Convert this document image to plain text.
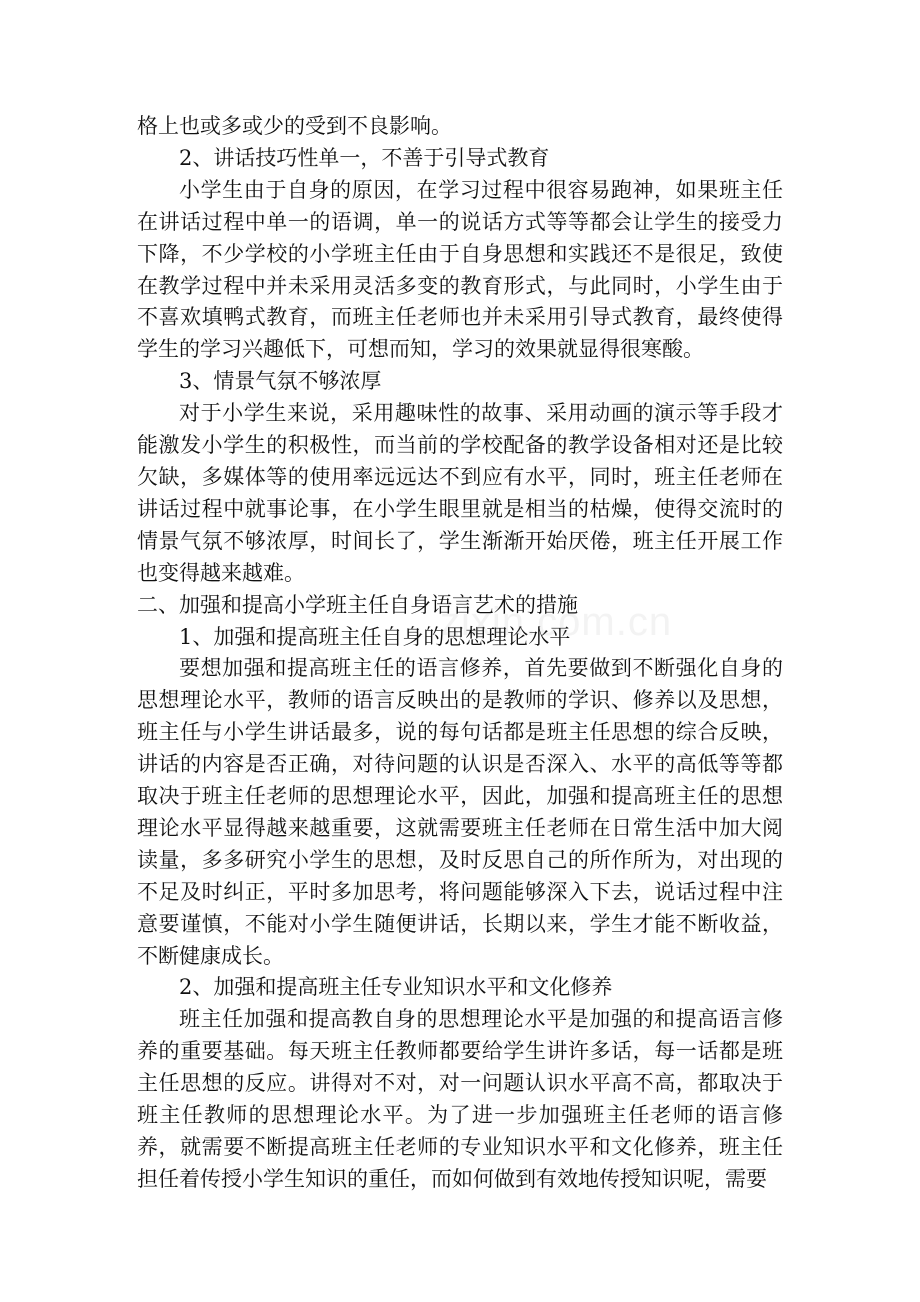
格上也或多或少的受到不良影响。

2、讲话技巧性单一，不善于引导式教育

小学生由于自身的原因，在学习过程中很容易跑神，如果班主任在讲话过程中单一的语调，单一的说话方式等等都会让学生的接受力下降，不少学校的小学班主任由于自身思想和实践还不是很足，致使在教学过程中并未采用灵活多变的教育形式，与此同时，小学生由于不喜欢填鸭式教育，而班主任老师也并未采用引导式教育，最终使得学生的学习兴趣低下，可想而知，学习的效果就显得很寒酸。

3、情景气氛不够浓厚

对于小学生来说，采用趣味性的故事、采用动画的演示等手段才能激发小学生的积极性，而当前的学校配备的教学设备相对还是比较欠缺，多媒体等的使用率远远达不到应有水平，同时，班主任老师在讲话过程中就事论事，在小学生眼里就是相当的枯燥，使得交流时的情景气氛不够浓厚，时间长了，学生渐渐开始厌倦，班主任开展工作也变得越来越难。

二、加强和提高小学班主任自身语言艺术的措施

1、加强和提高班主任自身的思想理论水平

要想加强和提高班主任的语言修养，首先要做到不断强化自身的思想理论水平，教师的语言反映出的是教师的学识、修养以及思想，班主任与小学生讲话最多，说的每句话都是班主任思想的综合反映，讲话的内容是否正确，对待问题的认识是否深入、水平的高低等等都取决于班主任老师的思想理论水平，因此，加强和提高班主任的思想理论水平显得越来越重要，这就需要班主任老师在日常生活中加大阅读量，多多研究小学生的思想，及时反思自己的所作所为，对出现的不足及时纠正，平时多加思考，将问题能够深入下去，说话过程中注意要谨慎，不能对小学生随便讲话，长期以来，学生才能不断收益，不断健康成长。

2、加强和提高班主任专业知识水平和文化修养

班主任加强和提高教自身的思想理论水平是加强的和提高语言修养的重要基础。每天班主任教师都要给学生讲许多话，每一话都是班主任思想的反应。讲得对不对，对一问题认识水平高不高，都取决于班主任教师的思想理论水平。为了进一步加强班主任老师的语言修养，就需要不断提高班主任老师的专业知识水平和文化修养，班主任担任着传授小学生知识的重任，而如何做到有效地传授知识呢，需要

zixin.com.cn
